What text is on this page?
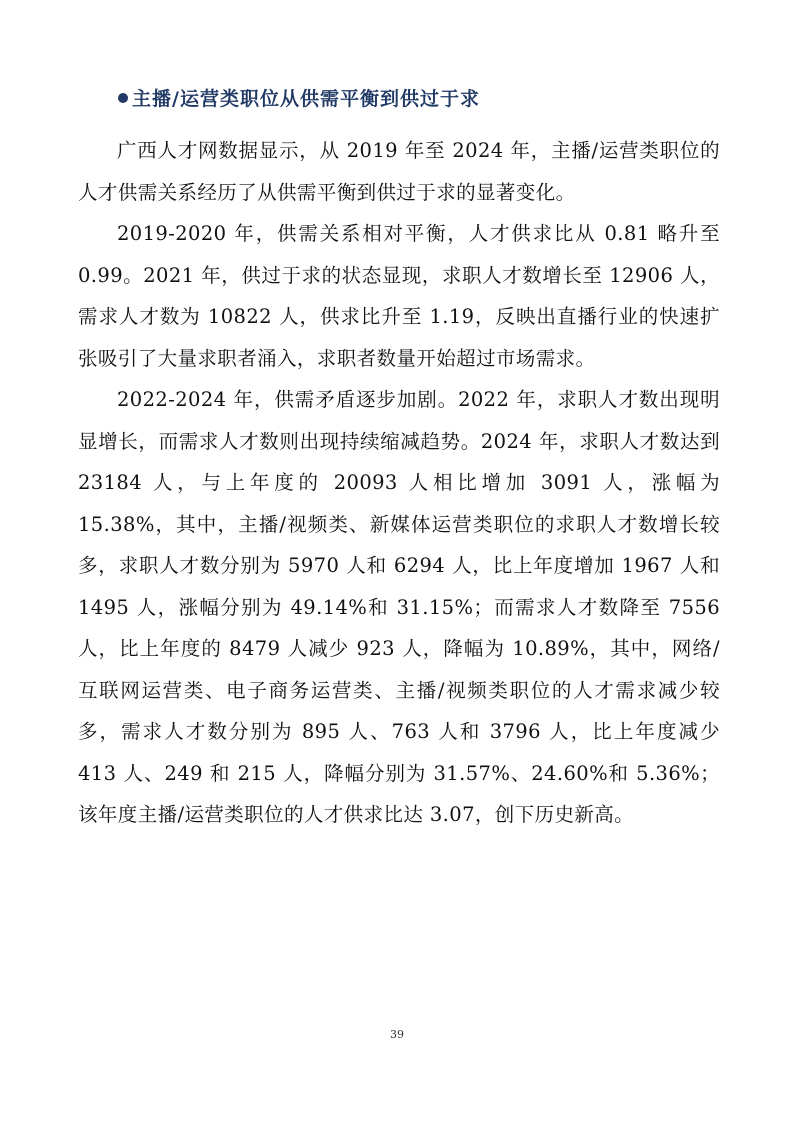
主播/运营类职位从供需平衡到供过于求

广西人才网数据显示，从 2019 年至 2024 年，主播/运营类职位的人才供需关系经历了从供需平衡到供过于求的显著变化。

2019-2020 年，供需关系相对平衡，人才供求比从 0.81 略升至 0.99。2021 年，供过于求的状态显现，求职人才数增长至 12906 人，需求人才数为 10822 人，供求比升至 1.19，反映出直播行业的快速扩张吸引了大量求职者涌入，求职者数量开始超过市场需求。

2022-2024 年，供需矛盾逐步加剧。2022 年，求职人才数出现明显增长，而需求人才数则出现持续缩减趋势。2024 年，求职人才数达到 23184 人，与上年度的 20093 人相比增加 3091 人，涨幅为 15.38%，其中，主播/视频类、新媒体运营类职位的求职人才数增长较多，求职人才数分别为 5970 人和 6294 人，比上年度增加 1967 人和 1495 人，涨幅分别为 49.14%和 31.15%；而需求人才数降至 7556 人，比上年度的 8479 人减少 923 人，降幅为 10.89%，其中，网络/互联网运营类、电子商务运营类、主播/视频类职位的人才需求减少较多，需求人才数分别为 895 人、763 人和 3796 人，比上年度减少 413 人、249 和 215 人，降幅分别为 31.57%、24.60%和 5.36%；该年度主播/运营类职位的人才供求比达 3.07，创下历史新高。

39
